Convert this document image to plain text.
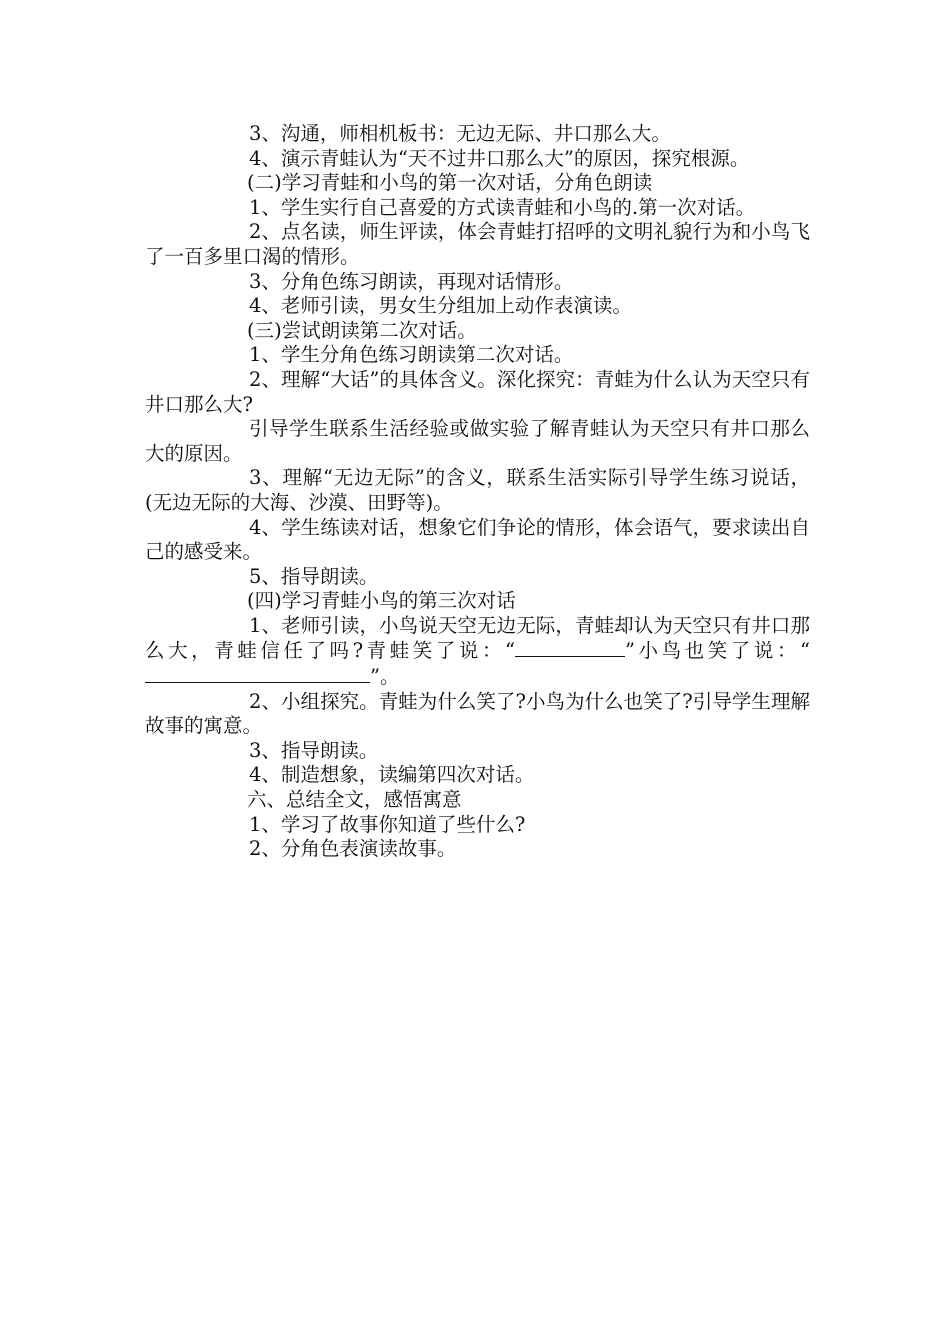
3、沟通，师相机板书：无边无际、井口那么大。

4、演示青蛙认为“天不过井口那么大”的原因，探究根源。

(二)学习青蛙和小鸟的第一次对话，分角色朗读

1、学生实行自己喜爱的方式读青蛙和小鸟的.第一次对话。

2、点名读，师生评读，体会青蛙打招呼的文明礼貌行为和小鸟飞了一百多里口渴的情形。

3、分角色练习朗读，再现对话情形。

4、老师引读，男女生分组加上动作表演读。

(三)尝试朗读第二次对话。

1、学生分角色练习朗读第二次对话。

2、理解“大话”的具体含义。深化探究：青蛙为什么认为天空只有井口那么大?

引导学生联系生活经验或做实验了解青蛙认为天空只有井口那么大的原因。

3、理解“无边无际”的含义，联系生活实际引导学生练习说话，(无边无际的大海、沙漠、田野等)。

4、学生练读对话，想象它们争论的情形，体会语气，要求读出自己的感受来。

5、指导朗读。

(四)学习青蛙小鸟的第三次对话

1、老师引读，小鸟说天空无边无际，青蛙却认为天空只有井口那么大，青蛙信任了吗?青蛙笑了说：“	”小鸟也笑了说：“”。

2、小组探究。青蛙为什么笑了?小鸟为什么也笑了?引导学生理解故事的寓意。

3、指导朗读。

4、制造想象，读编第四次对话。

六、总结全文，感悟寓意

1、学习了故事你知道了些什么?

2、分角色表演读故事。
